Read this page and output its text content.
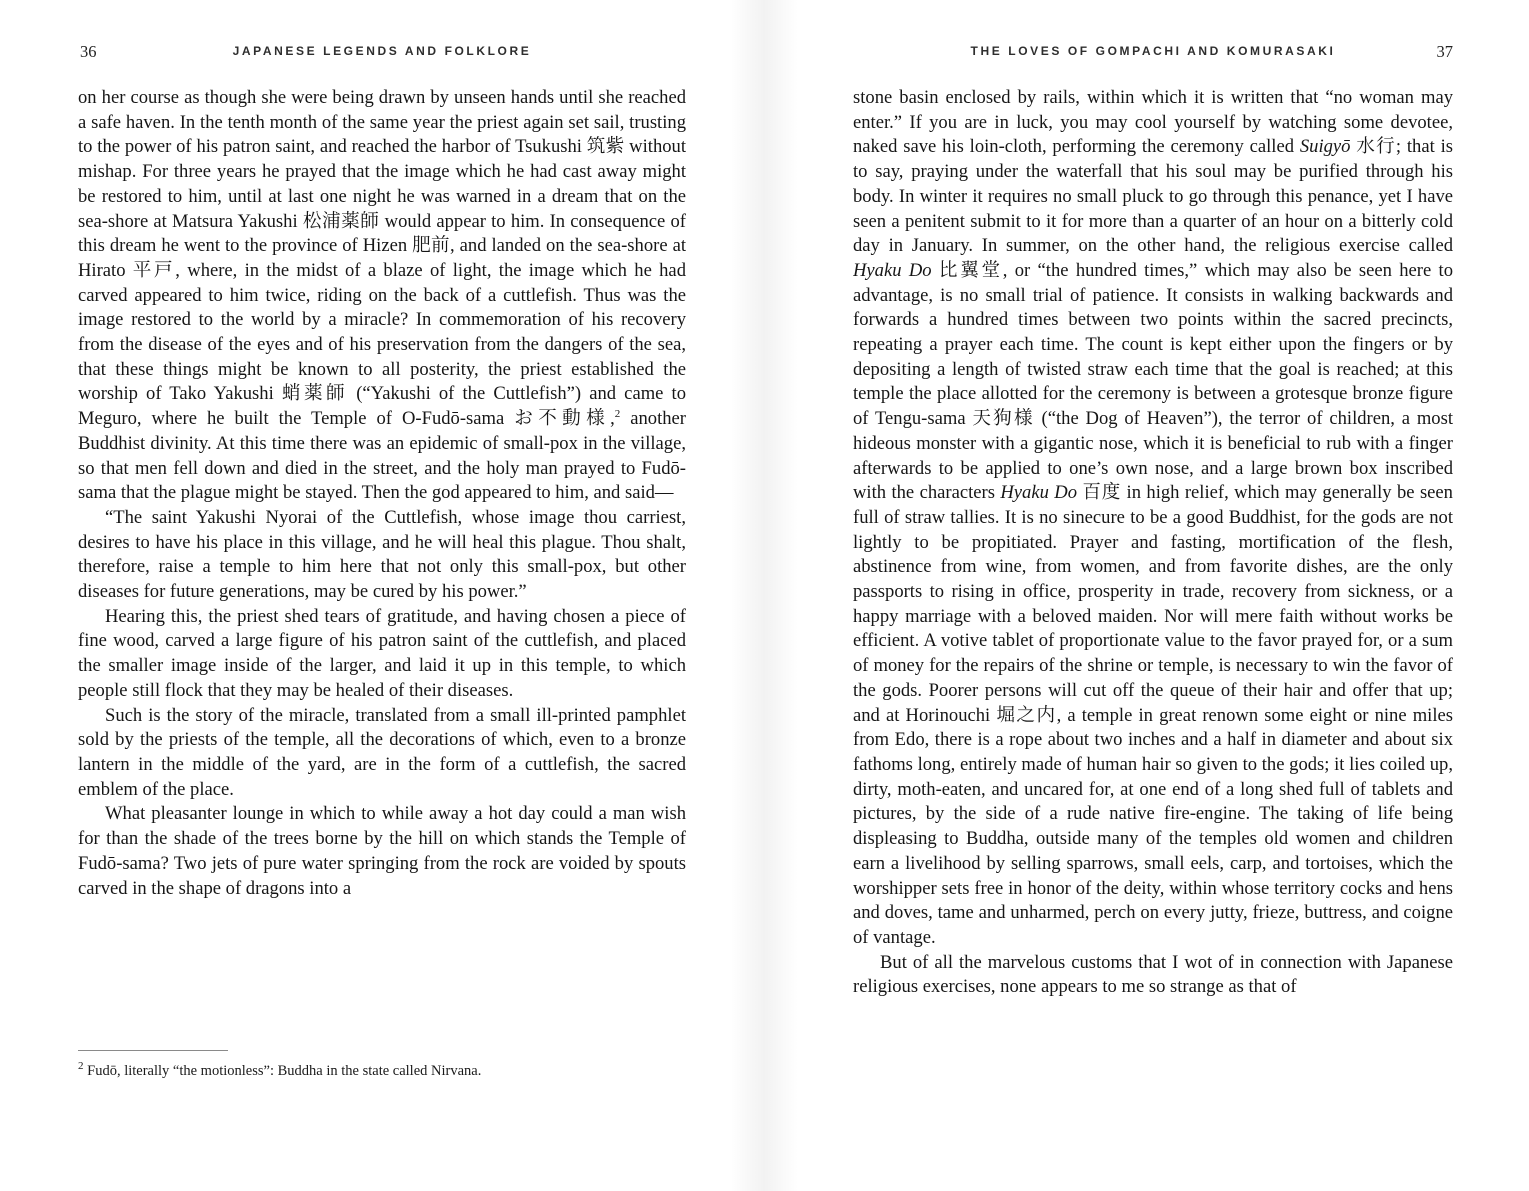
36	JAPANESE LEGENDS AND FOLKLORE

on her course as though she were being drawn by unseen hands until she reached a safe haven. In the tenth month of the same year the priest again set sail, trusting to the power of his patron saint, and reached the harbor of Tsukushi 筑紫 without mishap. For three years he prayed that the image which he had cast away might be restored to him, until at last one night he was warned in a dream that on the sea-shore at Matsura Yakushi 松浦薬師 would appear to him. In consequence of this dream he went to the province of Hizen 肥前, and landed on the sea-shore at Hirato 平戸, where, in the midst of a blaze of light, the image which he had carved appeared to him twice, riding on the back of a cuttlefish. Thus was the image restored to the world by a miracle? In commemoration of his recovery from the disease of the eyes and of his preservation from the dangers of the sea, that these things might be known to all posterity, the priest established the worship of Tako Yakushi 蛸薬師 (“Yakushi of the Cuttlefish”) and came to Meguro, where he built the Temple of O-Fudō-sama お不動様,$^2$ another Buddhist divinity. At this time there was an epidemic of small-pox in the village, so that men fell down and died in the street, and the holy man prayed to Fudō-sama that the plague might be stayed. Then the god appeared to him, and said—

“The saint Yakushi Nyorai of the Cuttlefish, whose image thou carriest, desires to have his place in this village, and he will heal this plague. Thou shalt, therefore, raise a temple to him here that not only this small-pox, but other diseases for future generations, may be cured by his power.”

Hearing this, the priest shed tears of gratitude, and having chosen a piece of fine wood, carved a large figure of his patron saint of the cuttlefish, and placed the smaller image inside of the larger, and laid it up in this temple, to which people still flock that they may be healed of their diseases.

Such is the story of the miracle, translated from a small ill-printed pamphlet sold by the priests of the temple, all the decorations of which, even to a bronze lantern in the middle of the yard, are in the form of a cuttlefish, the sacred emblem of the place.

What pleasanter lounge in which to while away a hot day could a man wish for than the shade of the trees borne by the hill on which stands the Temple of Fudō-sama? Two jets of pure water springing from the rock are voided by spouts carved in the shape of dragons into a

$^2$ Fudō, literally “the motionless”: Buddha in the state called Nirvana.

THE LOVES OF GOMPACHI AND KOMURASAKI	37

stone basin enclosed by rails, within which it is written that “no woman may enter.” If you are in luck, you may cool yourself by watching some devotee, naked save his loin-cloth, performing the ceremony called Suigyō 水行; that is to say, praying under the waterfall that his soul may be purified through his body. In winter it requires no small pluck to go through this penance, yet I have seen a penitent submit to it for more than a quarter of an hour on a bitterly cold day in January. In summer, on the other hand, the religious exercise called Hyaku Do 比翼堂, or “the hundred times,” which may also be seen here to advantage, is no small trial of patience. It consists in walking backwards and forwards a hundred times between two points within the sacred precincts, repeating a prayer each time. The count is kept either upon the fingers or by depositing a length of twisted straw each time that the goal is reached; at this temple the place allotted for the ceremony is between a grotesque bronze figure of Tengu-sama 天狗様 (“the Dog of Heaven”), the terror of children, a most hideous monster with a gigantic nose, which it is beneficial to rub with a finger afterwards to be applied to one’s own nose, and a large brown box inscribed with the characters Hyaku Do 百度 in high relief, which may generally be seen full of straw tallies. It is no sinecure to be a good Buddhist, for the gods are not lightly to be propitiated. Prayer and fasting, mortification of the flesh, abstinence from wine, from women, and from favorite dishes, are the only passports to rising in office, prosperity in trade, recovery from sickness, or a happy marriage with a beloved maiden. Nor will mere faith without works be efficient. A votive tablet of proportionate value to the favor prayed for, or a sum of money for the repairs of the shrine or temple, is necessary to win the favor of the gods. Poorer persons will cut off the queue of their hair and offer that up; and at Horinouchi 堀之内, a temple in great renown some eight or nine miles from Edo, there is a rope about two inches and a half in diameter and about six fathoms long, entirely made of human hair so given to the gods; it lies coiled up, dirty, moth-eaten, and uncared for, at one end of a long shed full of tablets and pictures, by the side of a rude native fire-engine. The taking of life being displeasing to Buddha, outside many of the temples old women and children earn a livelihood by selling sparrows, small eels, carp, and tortoises, which the worshipper sets free in honor of the deity, within whose territory cocks and hens and doves, tame and unharmed, perch on every jutty, frieze, buttress, and coigne of vantage.

But of all the marvelous customs that I wot of in connection with Japanese religious exercises, none appears to me so strange as that of
